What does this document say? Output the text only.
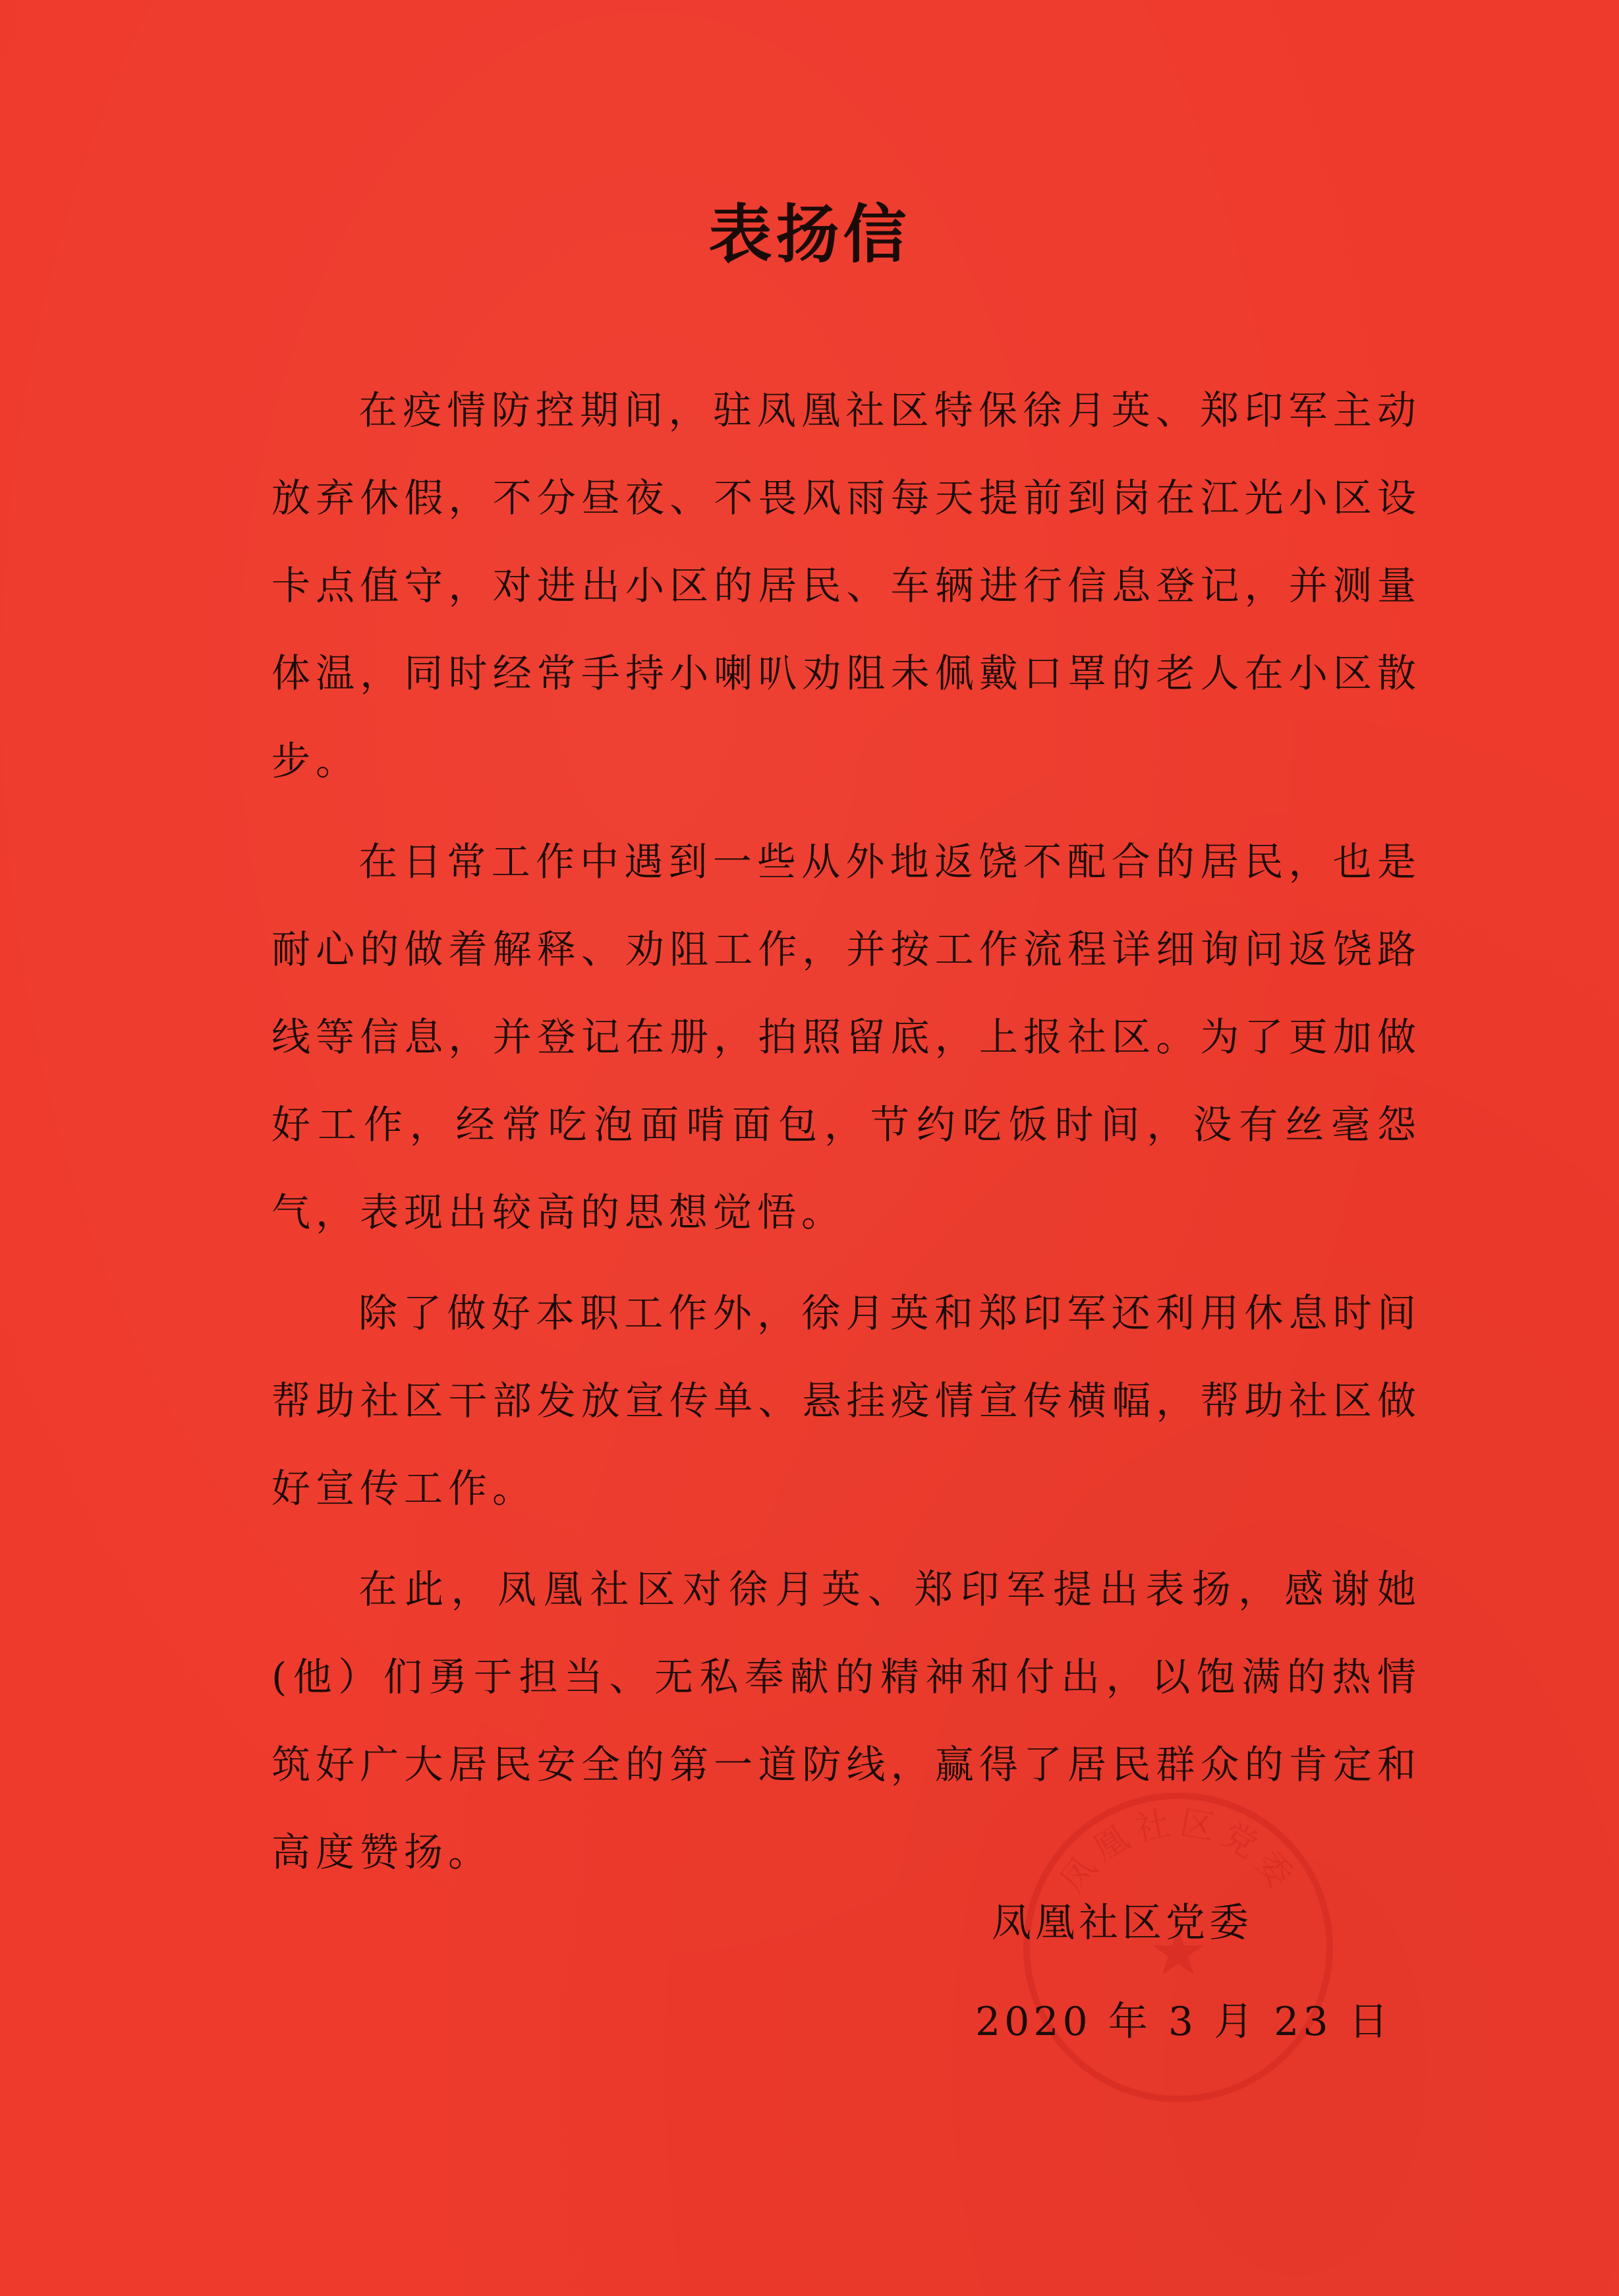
表扬信

在疫情防控期间，驻凤凰社区特保徐月英、郑印军主动放弃休假，不分昼夜、不畏风雨每天提前到岗在江光小区设卡点值守，对进出小区的居民、车辆进行信息登记，并测量体温，同时经常手持小喇叭劝阻未佩戴口罩的老人在小区散步。

在日常工作中遇到一些从外地返饶不配合的居民，也是耐心的做着解释、劝阻工作，并按工作流程详细询问返饶路线等信息，并登记在册，拍照留底，上报社区。为了更加做好工作，经常吃泡面啃面包，节约吃饭时间，没有丝毫怨气，表现出较高的思想觉悟。

除了做好本职工作外，徐月英和郑印军还利用休息时间帮助社区干部发放宣传单、悬挂疫情宣传横幅，帮助社区做好宣传工作。

在此，凤凰社区对徐月英、郑印军提出表扬，感谢她(他）们勇于担当、无私奉献的精神和付出，以饱满的热情筑好广大居民安全的第一道防线，赢得了居民群众的肯定和高度赞扬。	凤凰社区党委
凤凰社区党委
2020 年 3 月 23 日
